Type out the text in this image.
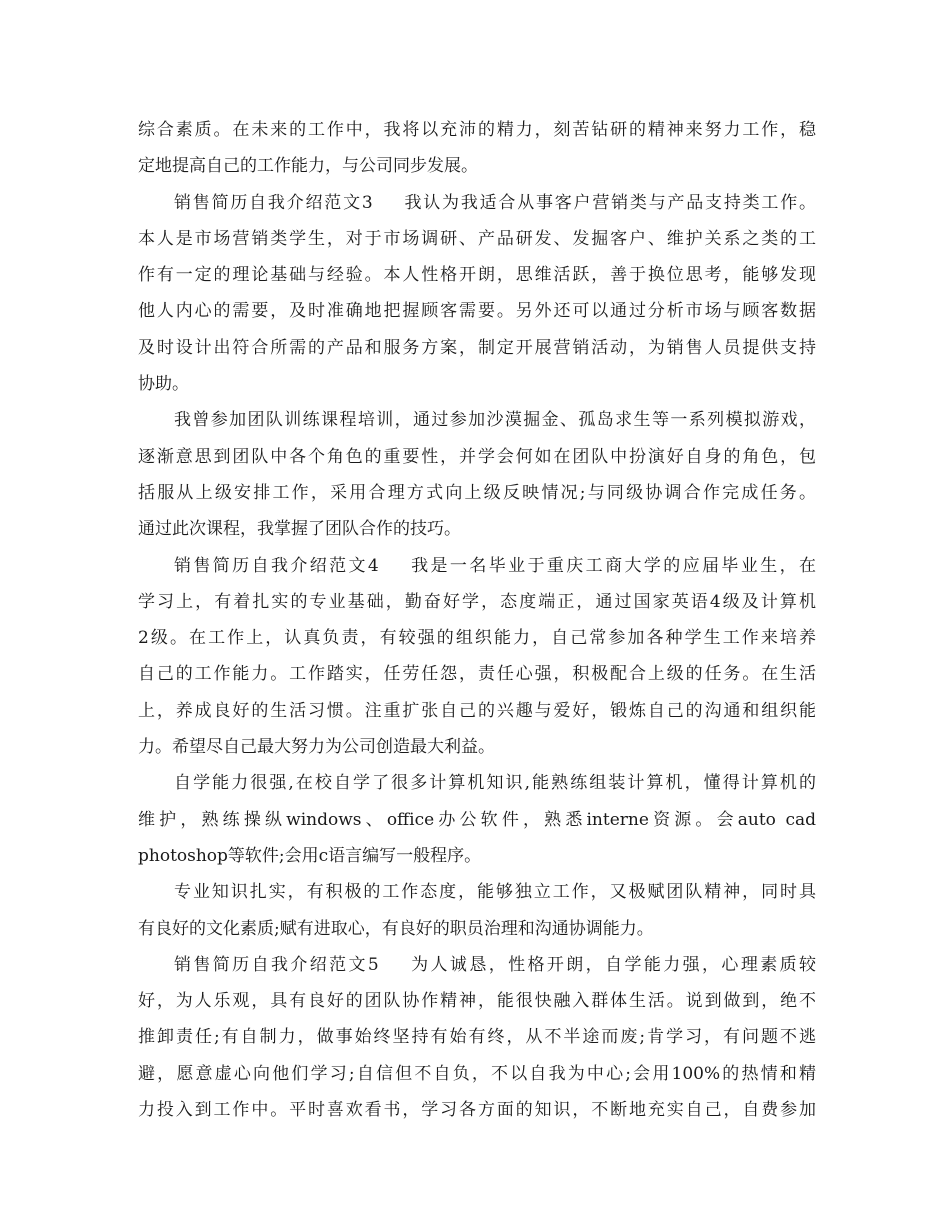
综合素质。在未来的工作中，我将以充沛的精力，刻苦钻研的精神来努力工作，稳
定地提高自己的工作能力，与公司同步发展。
销售简历自我介绍范文3 我认为我适合从事客户营销类与产品支持类工作。
本人是市场营销类学生，对于市场调研、产品研发、发掘客户、维护关系之类的工
作有一定的理论基础与经验。本人性格开朗，思维活跃，善于换位思考，能够发现
他人内心的需要，及时准确地把握顾客需要。另外还可以通过分析市场与顾客数据
及时设计出符合所需的产品和服务方案，制定开展营销活动，为销售人员提供支持
协助。
我曾参加团队训练课程培训，通过参加沙漠掘金、孤岛求生等一系列模拟游戏，
逐渐意思到团队中各个角色的重要性，并学会何如在团队中扮演好自身的角色，包
括服从上级安排工作，采用合理方式向上级反映情况;与同级协调合作完成任务。
通过此次课程，我掌握了团队合作的技巧。
销售简历自我介绍范文4 我是一名毕业于重庆工商大学的应届毕业生，在
学习上，有着扎实的专业基础，勤奋好学，态度端正，通过国家英语4级及计算机
2级。在工作上，认真负责，有较强的组织能力，自己常参加各种学生工作来培养
自己的工作能力。工作踏实，任劳任怨，责任心强，积极配合上级的任务。在生活
上，养成良好的生活习惯。注重扩张自己的兴趣与爱好，锻炼自己的沟通和组织能
力。希望尽自己最大努力为公司创造最大利益。
自学能力很强,在校自学了很多计算机知识,能熟练组装计算机，懂得计算机的
维护，熟练操纵windows、office办公软件，熟悉interne资源。会auto cad
photoshop等软件;会用c语言编写一般程序。
专业知识扎实，有积极的工作态度，能够独立工作，又极赋团队精神，同时具
有良好的文化素质;赋有进取心，有良好的职员治理和沟通协调能力。
销售简历自我介绍范文5 为人诚恳，性格开朗，自学能力强，心理素质较
好，为人乐观，具有良好的团队协作精神，能很快融入群体生活。说到做到，绝不
推卸责任;有自制力，做事始终坚持有始有终，从不半途而废;肯学习，有问题不逃
避，愿意虚心向他们学习;自信但不自负，不以自我为中心;会用100%的热情和精
力投入到工作中。平时喜欢看书，学习各方面的知识，不断地充实自己，自费参加
